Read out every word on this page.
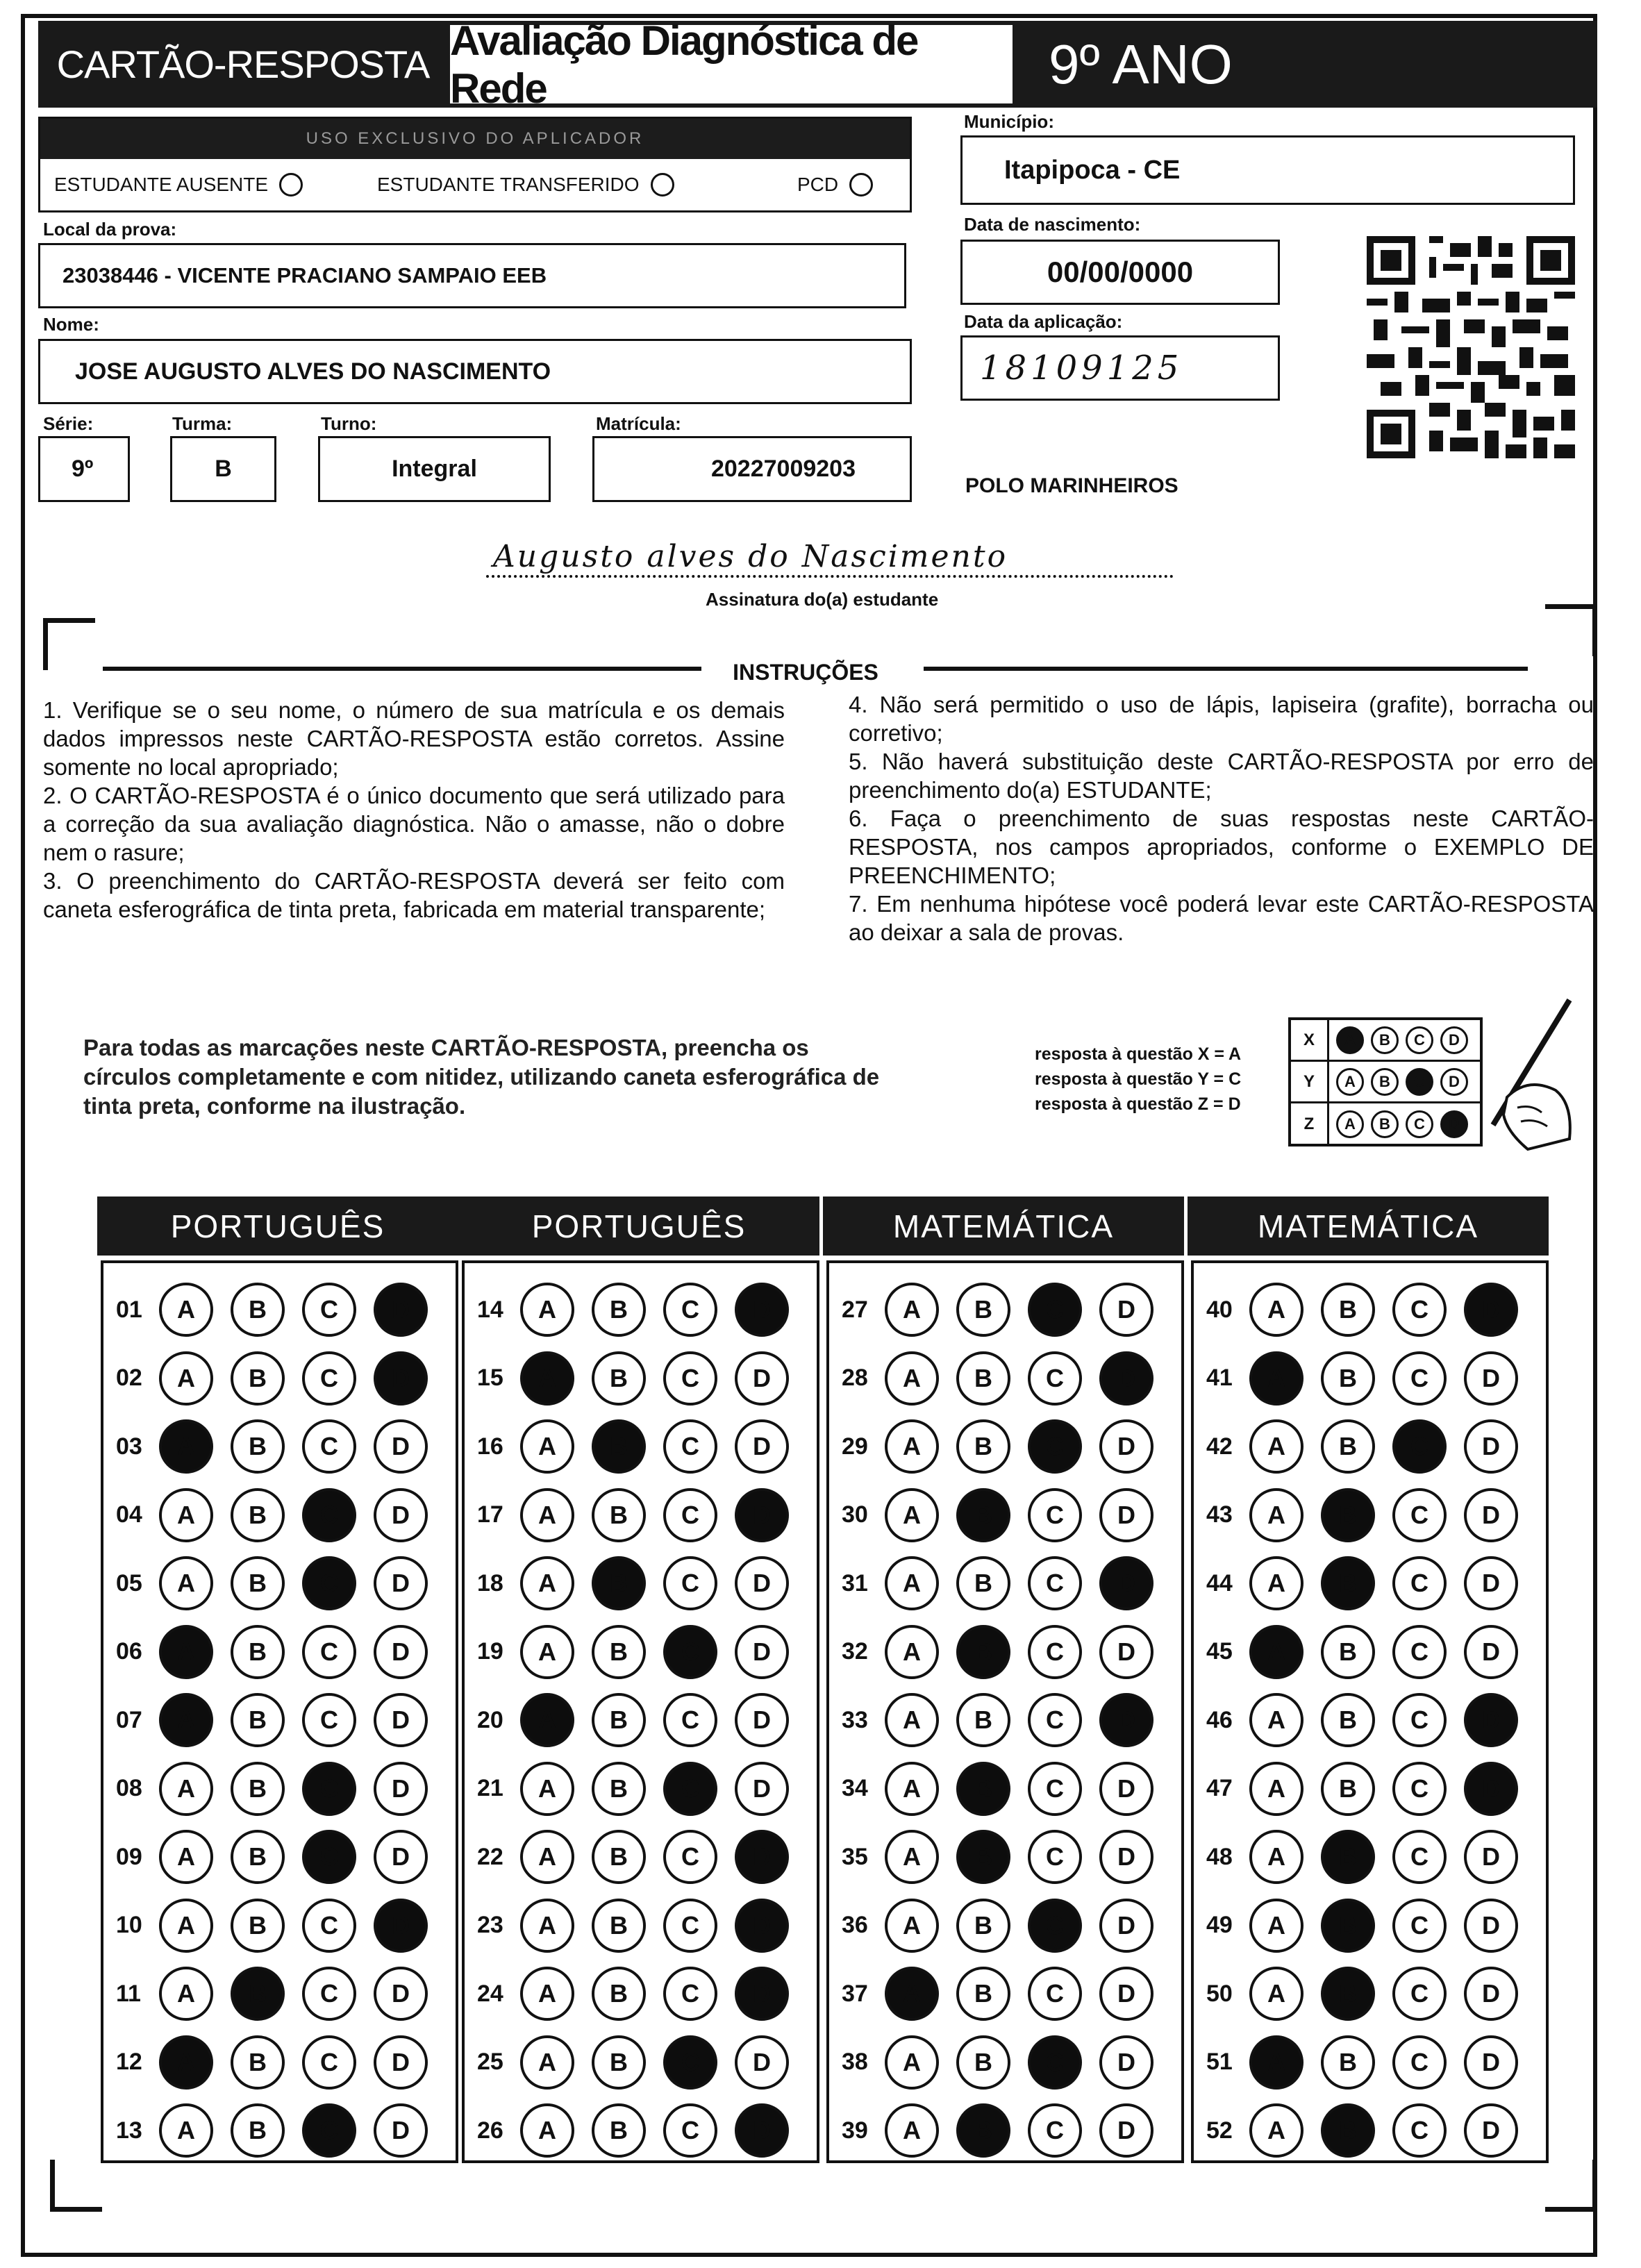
CARTÃO-RESPOSTA
Avaliação Diagnóstica de Rede	9º ANO
USO EXCLUSIVO DO APLICADOR
ESTUDANTE AUSENTE	ESTUDANTE TRANSFERIDO	PCD
Local da prova:
23038446 - VICENTE PRACIANO SAMPAIO EEB
Nome:
JOSE AUGUSTO ALVES DO NASCIMENTO
Série:
9º
Turma:
B
Turno:
Integral
Matrícula:
20227009203
Município:
Itapipoca - CE
Data de nascimento:
00/00/0000
Data da aplicação:
18109125
POLO MARINHEIROS
Augusto alves do Nascimento
Assinatura do(a) estudante
INSTRUÇÕES

1. Verifique se o seu nome, o número de sua matrícula e os demais dados impressos neste CARTÃO-RESPOSTA estão corretos. Assine somente no local apropriado;

2. O CARTÃO-RESPOSTA é o único documento que será utilizado para a correção da sua avaliação diagnóstica. Não o amasse, não o dobre nem o rasure;

3. O preenchimento do CARTÃO-RESPOSTA deverá ser feito com caneta esferográfica de tinta preta, fabricada em material transparente;

4. Não será permitido o uso de lápis, lapiseira (grafite), borracha ou corretivo;

5. Não haverá substituição deste CARTÃO-RESPOSTA por erro de preenchimento do(a) ESTUDANTE;

6. Faça o preenchimento de suas respostas neste CARTÃO-RESPOSTA, nos campos apropriados, conforme o EXEMPLO DE PREENCHIMENTO;

7. Em nenhuma hipótese você poderá levar este CARTÃO-RESPOSTA ao deixar a sala de provas.

Para todas as marcações neste CARTÃO-RESPOSTA, preencha os círculos completamente e com nitidez, utilizando caneta esferográfica de tinta preta, conforme na ilustração.
resposta à questão X = A
resposta à questão Y = C
resposta à questão Z = D
X	A	B	C	D
Y	A	B	C	D
Z	A	B	C	D
PORTUGUÊS
01	A	B	C	D
02	A	B	C	D
03	A	B	C	D
04	A	B	C	D
05	A	B	C	D
06	A	B	C	D
07	A	B	C	D
08	A	B	C	D
09	A	B	C	D
10	A	B	C	D
11	A	B	C	D
12	A	B	C	D
13	A	B	C	D
PORTUGUÊS
14	A	B	C	D
15	A	B	C	D
16	A	B	C	D
17	A	B	C	D
18	A	B	C	D
19	A	B	C	D
20	A	B	C	D
21	A	B	C	D
22	A	B	C	D
23	A	B	C	D
24	A	B	C	D
25	A	B	C	D
26	A	B	C	D
MATEMÁTICA
27	A	B	C	D
28	A	B	C	D
29	A	B	C	D
30	A	B	C	D
31	A	B	C	D
32	A	B	C	D
33	A	B	C	D
34	A	B	C	D
35	A	B	C	D
36	A	B	C	D
37	A	B	C	D
38	A	B	C	D
39	A	B	C	D
MATEMÁTICA
40	A	B	C	D
41	A	B	C	D
42	A	B	C	D
43	A	B	C	D
44	A	B	C	D
45	A	B	C	D
46	A	B	C	D
47	A	B	C	D
48	A	B	C	D
49	A	B	C	D
50	A	B	C	D
51	A	B	C	D
52	A	B	C	D
